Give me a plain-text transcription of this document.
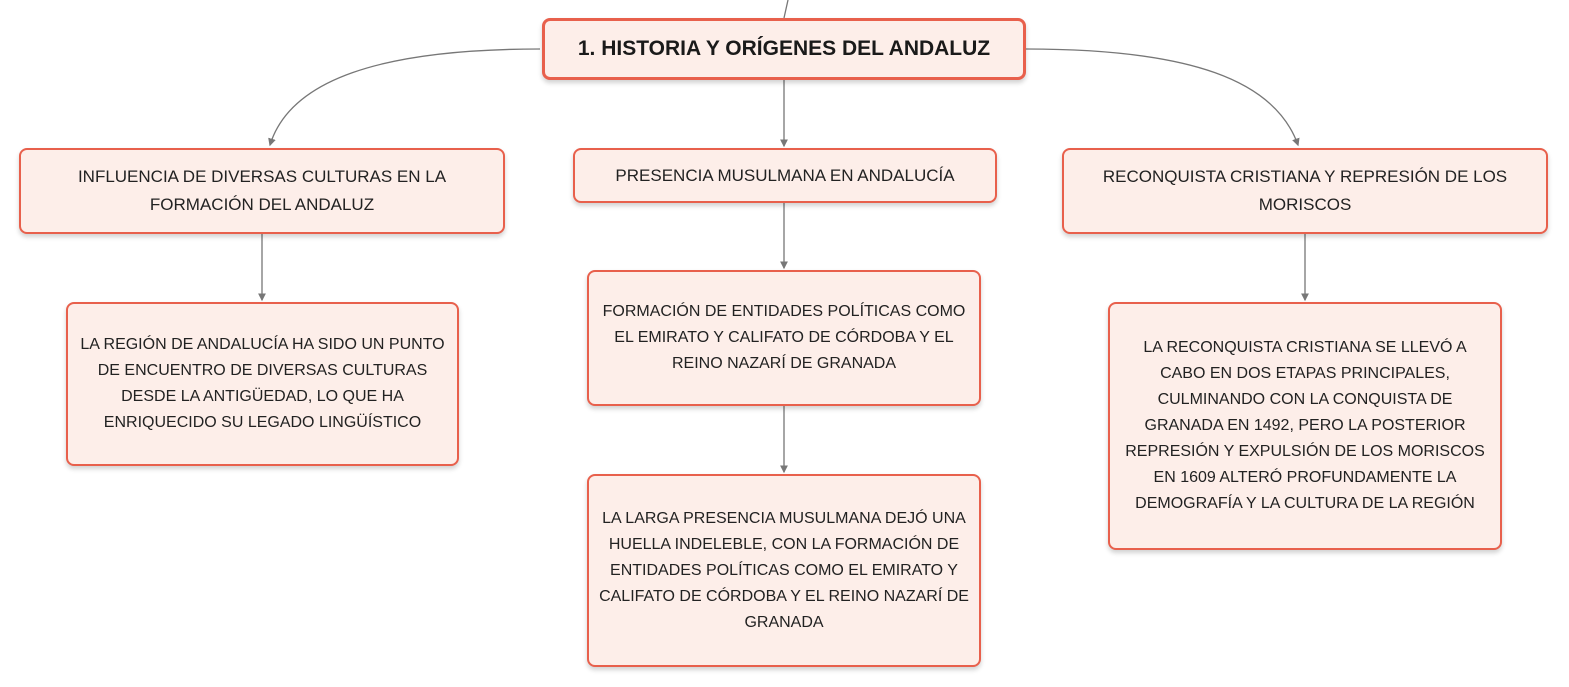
1. HISTORIA Y ORÍGENES DEL ANDALUZ
INFLUENCIA DE DIVERSAS CULTURAS EN LA FORMACIÓN DEL ANDALUZ
PRESENCIA MUSULMANA EN ANDALUCÍA	RECONQUISTA CRISTIANA Y REPRESIÓN DE LOS MORISCOS
LA REGIÓN DE ANDALUCÍA HA SIDO UN PUNTO DE ENCUENTRO DE DIVERSAS CULTURAS DESDE LA ANTIGÜEDAD, LO QUE HA ENRIQUECIDO SU LEGADO LINGÜÍSTICO
FORMACIÓN DE ENTIDADES POLÍTICAS COMO EL EMIRATO Y CALIFATO DE CÓRDOBA Y EL REINO NAZARÍ DE GRANADA
LA LARGA PRESENCIA MUSULMANA DEJÓ UNA HUELLA INDELEBLE, CON LA FORMACIÓN DE ENTIDADES POLÍTICAS COMO EL EMIRATO Y CALIFATO DE CÓRDOBA Y EL REINO NAZARÍ DE GRANADA
LA RECONQUISTA CRISTIANA SE LLEVÓ A CABO EN DOS ETAPAS PRINCIPALES, CULMINANDO CON LA CONQUISTA DE GRANADA EN 1492, PERO LA POSTERIOR REPRESIÓN Y EXPULSIÓN DE LOS MORISCOS EN 1609 ALTERÓ PROFUNDAMENTE LA DEMOGRAFÍA Y LA CULTURA DE LA REGIÓN
